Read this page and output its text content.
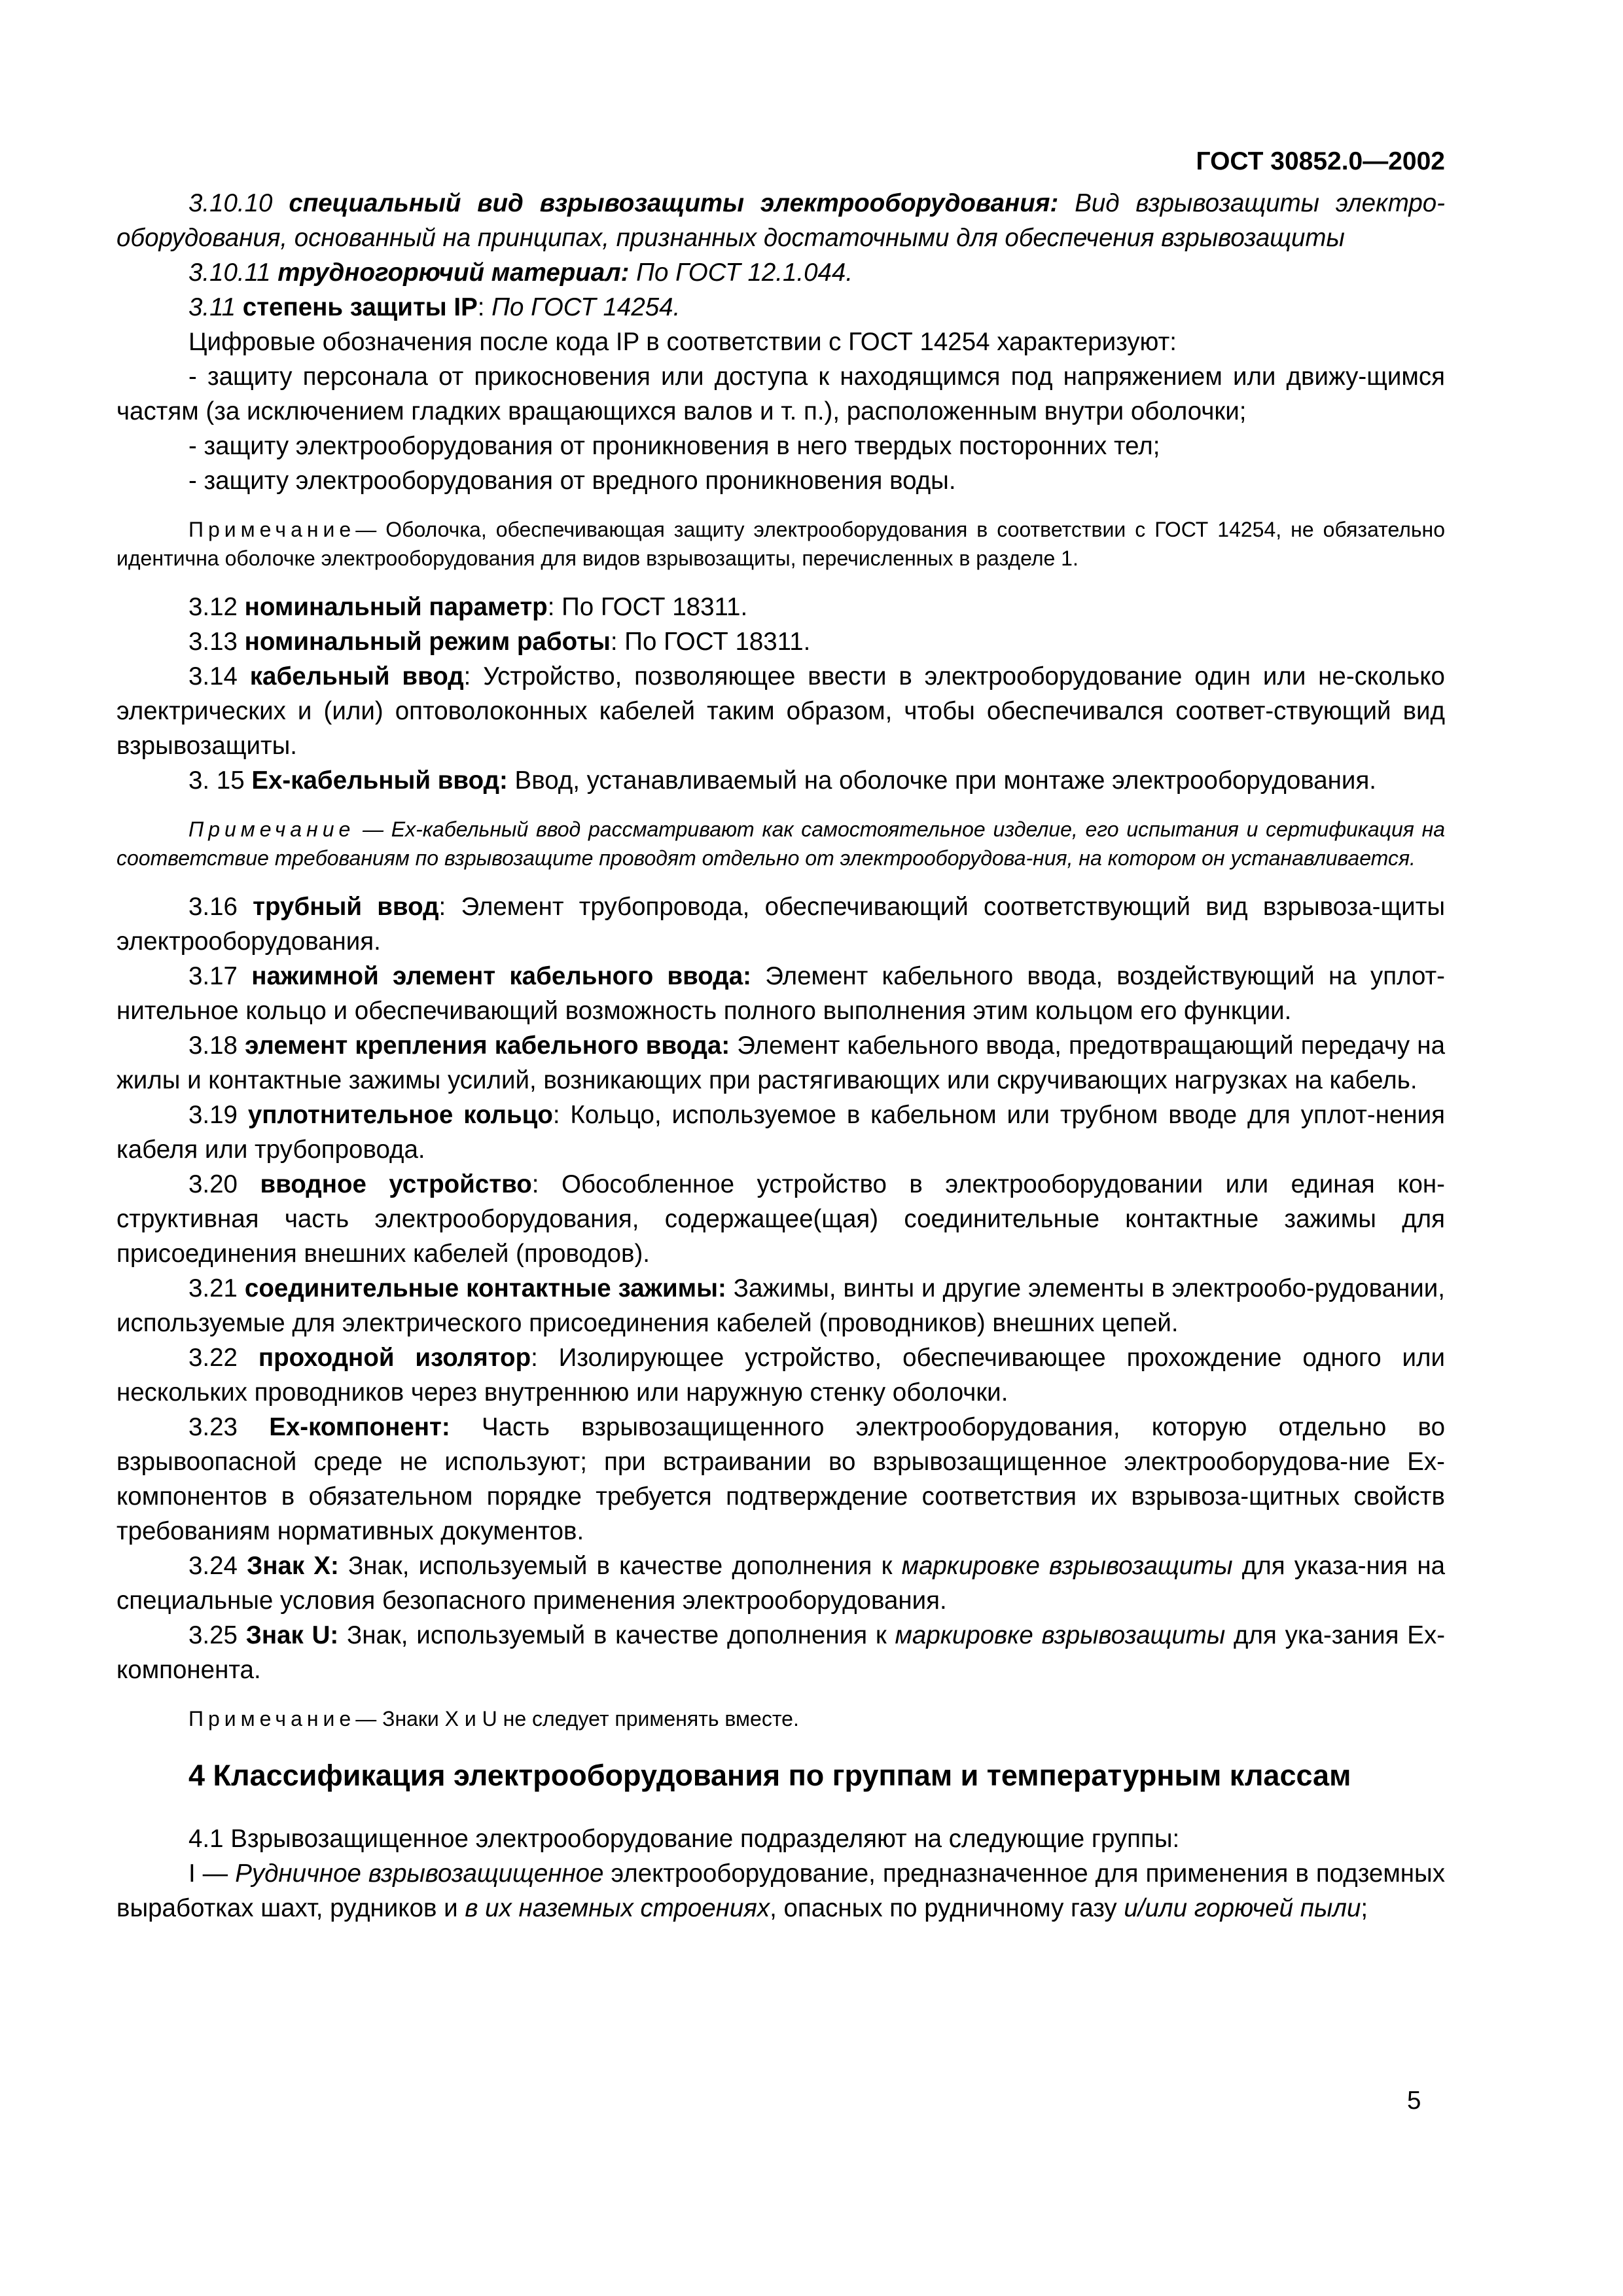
ГОСТ 30852.0—2002

3.10.10 специальный вид взрывозащиты электрооборудования: Вид взрывозащиты электро-оборудования, основанный на принципах, признанных достаточными для обеспечения взрывозащиты

3.10.11 трудногорючий материал: По ГОСТ 12.1.044.

3.11 степень защиты IP: По ГОСТ 14254.

Цифровые обозначения после кода IP в соответствии с ГОСТ 14254 характеризуют:

- защиту персонала от прикосновения или доступа к находящимся под напряжением или движу-щимся частям (за исключением гладких вращающихся валов и т. п.), расположенным внутри оболочки;

- защиту электрооборудования от проникновения в него твердых посторонних тел;

- защиту электрооборудования от вредного проникновения воды.

Примечание— Оболочка, обеспечивающая защиту электрооборудования в соответствии с ГОСТ 14254, не обязательно идентична оболочке электрооборудования для видов взрывозащиты, перечисленных в разделе 1.

3.12 номинальный параметр: По ГОСТ 18311.

3.13 номинальный режим работы: По ГОСТ 18311.

3.14 кабельный ввод: Устройство, позволяющее ввести в электрооборудование один или не-сколько электрических и (или) оптоволоконных кабелей таким образом, чтобы обеспечивался соответ-ствующий вид взрывозащиты.

3. 15 Ех-кабельный ввод: Ввод, устанавливаемый на оболочке при монтаже электрооборудования.

Примечание — Ех-кабельный ввод рассматривают как самостоятельное изделие, его испытания и сертификация на соответствие требованиям по взрывозащите проводят отдельно от электрооборудова-ния, на котором он устанавливается.

3.16 трубный ввод: Элемент трубопровода, обеспечивающий соответствующий вид взрывоза-щиты электрооборудования.

3.17 нажимной элемент кабельного ввода: Элемент кабельного ввода, воздействующий на уплот-нительное кольцо и обеспечивающий возможность полного выполнения этим кольцом его функции.

3.18 элемент крепления кабельного ввода: Элемент кабельного ввода, предотвращающий передачу на жилы и контактные зажимы усилий, возникающих при растягивающих или скручивающих нагрузках на кабель.

3.19 уплотнительное кольцо: Кольцо, используемое в кабельном или трубном вводе для уплот-нения кабеля или трубопровода.

3.20 вводное устройство: Обособленное устройство в электрооборудовании или единая кон-структивная часть электрооборудования, содержащее(щая) соединительные контактные зажимы для присоединения внешних кабелей (проводов).

3.21 соединительные контактные зажимы: Зажимы, винты и другие элементы в электрообо-рудовании, используемые для электрического присоединения кабелей (проводников) внешних цепей.

3.22 проходной изолятор: Изолирующее устройство, обеспечивающее прохождение одного или нескольких проводников через внутреннюю или наружную стенку оболочки.

3.23 Ех-компонент: Часть взрывозащищенного электрооборудования, которую отдельно во взрывоопасной среде не используют; при встраивании во взрывозащищенное электрооборудова-ние Ех-компонентов в обязательном порядке требуется подтверждение соответствия их взрывоза-щитных свойств требованиям нормативных документов.

3.24 Знак X: Знак, используемый в качестве дополнения к маркировке взрывозащиты для указа-ния на специальные условия безопасного применения электрооборудования.

3.25 Знак U: Знак, используемый в качестве дополнения к маркировке взрывозащиты для ука-зания Ех-компонента.

Примечание— Знаки X и U не следует применять вместе.

4 Классификация электрооборудования по группам и температурным классам

4.1 Взрывозащищенное электрооборудование подразделяют на следующие группы:

I — Рудничное взрывозащищенное электрооборудование, предназначенное для применения в подземных выработках шахт, рудников и в их наземных строениях, опасных по рудничному газу и/или горючей пыли;

5
